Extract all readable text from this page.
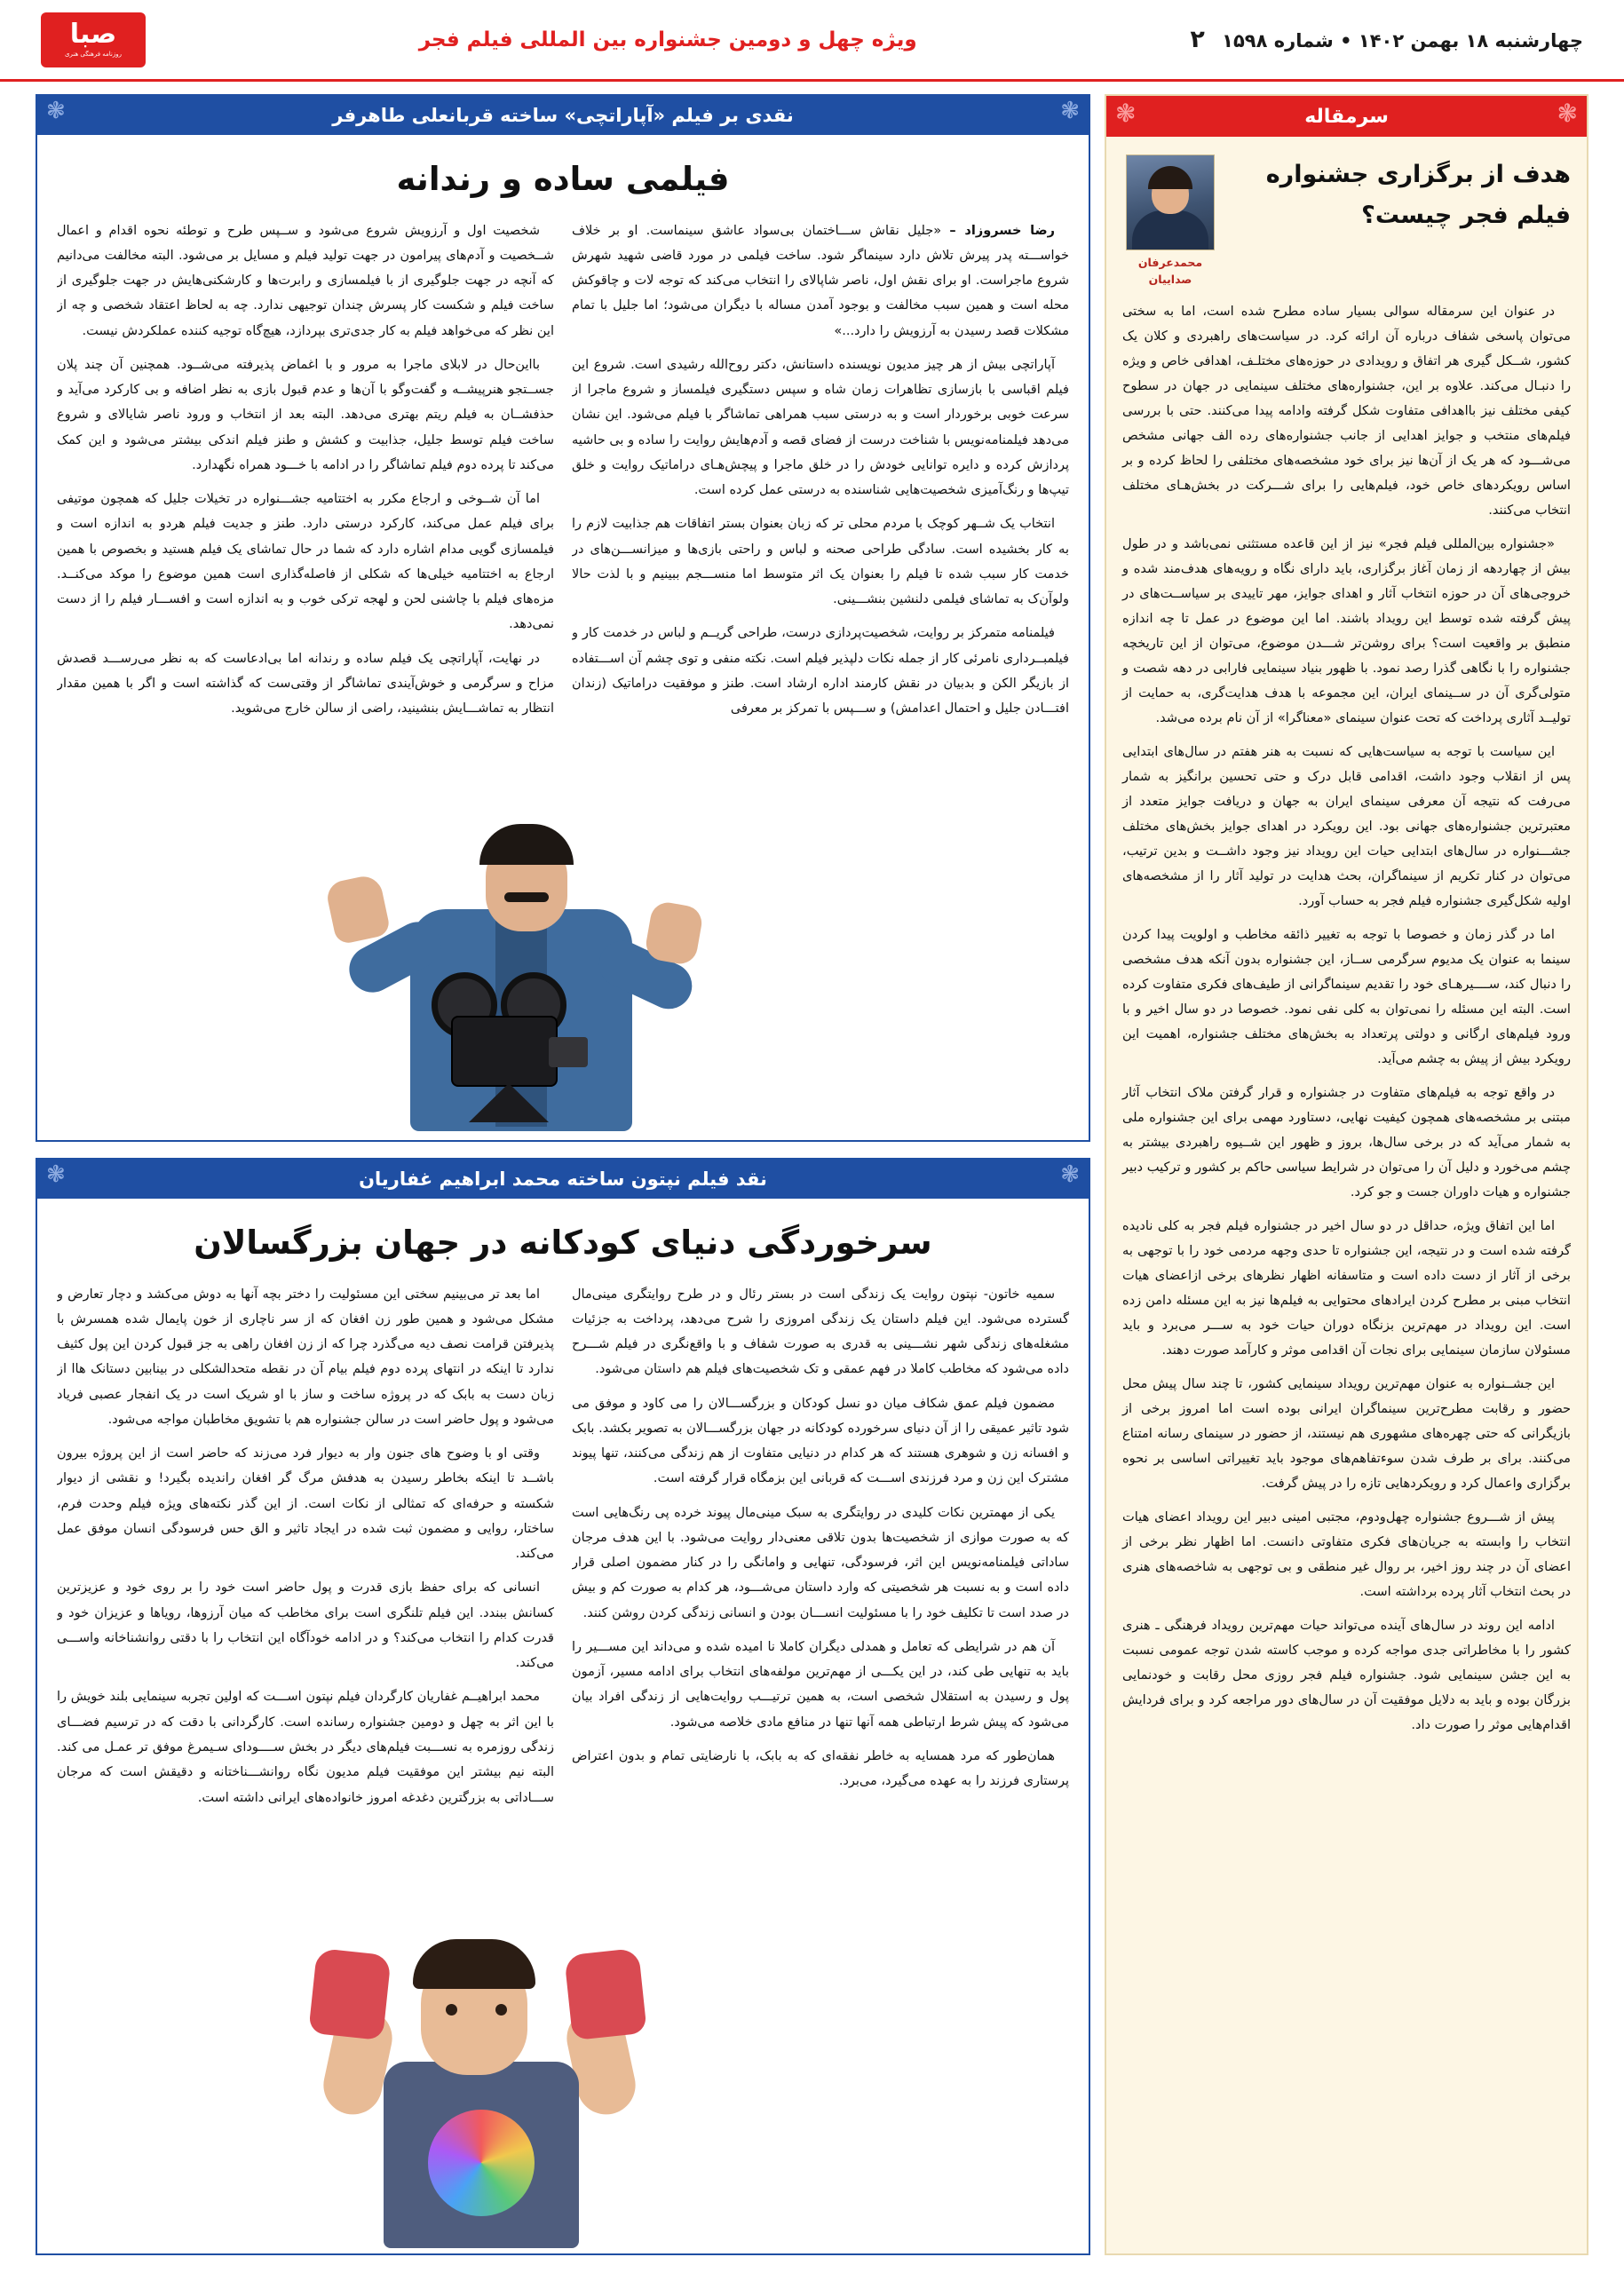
چهارشنبه ۱۸ بهمن ۱۴۰۲ • شماره ۱۵۹۸ ۲
ویژه چهل و دومین جشنواره بین المللی فیلم فجر
صبا
روزنامه فرهنگی هنری
❃
سرمقاله
❃
هدف از برگزاری جشنواره فیلم فجر چیست؟
محمدعرفان صداییان

در عنوان این سرمقاله سوالی بسیار ساده مطرح شده است، اما به سختی می‌توان پاسخی شفاف درباره آن ارائه کرد. در سیاست‌های راهبردی و کلان یک کشور، شــکل گیری هر اتفاق و رویدادی در حوزه‌های مختلـف، اهدافی خاص و ویژه را دنبـال می‌کند. علاوه بر این، جشنواره‌های مختلف سینمایی در جهان در سطوح کیفی مختلف نیز بااهدافی متفاوت شکل گرفته وادامه پیدا می‌کنند. حتی با بررسی فیلم‌های منتخب و جوایز اهدایی از جانب جشنواره‌های رده الف جهانی مشخص می‌شـــود که هر یک از آن‌ها نیز برای خود مشخصه‌های مختلفی را لحاظ کرده و بر اساس رویکردهای خاص خود، فیلم‌هایی را برای شـــرکت در بخش‌هـای مختلف انتخاب می‌کنند.

«جشنواره بین‌المللی فیلم فجر» نیز از این قاعده مستثنی نمی‌باشد و در طول بیش از چهاردهه از زمان آغاز برگزاری، باید دارای نگاه و رویه‌های هدف‌مند شده و خروجی‌های آن در حوزه انتخاب آثار و اهدای جوایز، مهر تاییدی بر سیاســت‌های در پیش گرفته شده توسط این رویداد باشند. اما این موضوع در عمل تا چه اندازه منطبق بر واقعیت است؟ برای روشن‌تر شـــدن موضوع، می‌توان از این تاریخچه جشنواره را با نگاهی گذرا رصد نمود. با ظهور بنیاد سینمایی فارابی در دهه شصت و متولی‌گری آن در ســینمای ایران، این مجموعه با هدف هدایت‌گری، به حمایت از تولیــد آثاری پرداخت که تحت عنوان سینمای «معناگرا» از آن نام برده می‌شد.

این سیاست با توجه به سیاست‌هایی که نسبت به هنر هفتم در سال‌های ابتدایی پس از انقلاب وجود داشت، اقدامی قابل درک و حتی تحسین برانگیز به شمار می‌رفت که نتیجه آن معرفی سینمای ایران به جهان و دریافت جوایز متعدد از معتبرترین جشنواره‌های جهانی بود. این رویکرد در اهدای جوایز بخش‌های مختلف جشـــنواره در سال‌های ابتدایی حیات این رویداد نیز وجود داشــت و بدین ترتیب، می‌توان در کنار تکریم از سینماگران، بحث هدایت در تولید آثار را از مشخصه‌های اولیه شکل‌گیری جشنواره فیلم فجر به حساب آورد.

اما در گذر زمان و خصوصا با توجه به تغییر ذائقه مخاطب و اولویت پیدا کردن سینما به عنوان یک مدیوم سرگرمی ســاز، این جشنواره بدون آنکه هدف مشخصی را دنبال کند، ســــیر‌هـای خود را تقدیم سینماگرانی از طیف‌های فکری متفاوت کرده است. البته این مسئله را نمی‌توان به کلی نفی نمود. خصوصا در دو سال اخیر و با ورود فیلم‌های ارگانی و دولتی پرتعداد به بخش‌های مختلف جشنواره، اهمیت این رویکرد بیش از پیش به چشم می‌آید.

در واقع توجه به فیلم‌های متفاوت در جشنواره و قرار گرفتن ملاک انتخاب آثار مبتنی بر مشخصه‌های همچون کیفیت نهایی، دستاورد مهمی برای این جشنواره ملی به شمار می‌آید که در برخی سال‌ها، بروز و ظهور این شــیوه راهبردی بیشتر به چشم می‌خورد و دلیل آن را می‌توان در شرایط سیاسی حاکم بر کشور و ترکیب دبیر جشنواره و هیات داوران جست و جو کرد.

اما این اتفاق ویژه، حداقل در دو سال اخیر در جشنواره فیلم فجر به کلی نادیده گرفته شده است و در نتیجه، این جشنواره تا حدی وجهه مردمی خود را با توجهی به برخی از آثار از دست داده است و متاسفانه اظهار نظرهای برخی ازاعضای هیات انتخاب مبنی بر مطرح کردن ایرادهای محتوایی به فیلم‌ها نیز به این مسئله دامن زده است. این رویداد در مهم‌ترین بزنگاه دوران حیات خود به ســـر می‌برد و باید مسئولان سازمان سینمایی برای نجات آن اقدامی موثر و کارآمد صورت دهند.

این جشــنواره به عنوان مهم‌ترین رویداد سینمایی کشور، تا چند سال پیش محل حضور و رقابت مطرح‌ترین سینماگران ایرانی بوده است اما امروز برخی از بازیگرانی که حتی چهره‌های مشهوری هم نیستند، از حضور در سینمای رسانه امتناع می‌کنند. برای بر طرف شدن سوءتفاهم‌های موجود باید تغییراتی اساسی بر نحوه برگزاری واعمال کرد و رویکردهایی تازه را در پیش گرفت.

پیش از شـــروع جشنواره چهل‌ودوم، مجتبی امینی دبیر این رویداد اعضای هیات انتخاب را وابسته به جریان‌های فکری متفاوتی دانست. اما اظهار نظر برخی از اعضای آن در چند روز اخیر، بر روال غیر منطقی و بی توجهی به شاخصه‌های هنری در بحث انتخاب آثار پرده برداشته است.

ادامه این روند در سال‌های آینده می‌تواند حیات مهم‌ترین رویداد فرهنگی ـ هنری کشور را با مخاطراتی جدی مواجه کرده و موجب کاسته شدن توجه عمومی نسبت به این جشن سینمایی شود. جشنواره فیلم فجر روزی محل رقابت و خودنمایی بزرگان بوده و باید به دلایل موفقیت آن در سال‌های دور مراجعه کرد و برای فردایش اقدام‌هایی موثر را صورت داد.

❃
نقدی بر فیلم «آپاراتچی» ساخته قربانعلی طاهرفر
❃
فیلمی ساده و رندانه

رضا خسروزاد – «جلیل نقاش ســـاختمان بی‌سواد عاشق سینماست. او بر خلاف خواســـته پدر پیرش تلاش دارد سینماگر شود. ساخت فیلمی در مورد قاضی شهید شهرش شروع ماجراست. او برای نقش اول، ناصر شاپالای را انتخاب می‌کند که توجه لات و چاقوکش محله است و همین سبب مخالفت و بوجود آمدن مساله با دیگران می‌شود؛ اما جلیل با تمام مشکلات قصد رسیدن به آرزویش را دارد...»

آپاراتچی بیش از هر چیز مدیون نویسنده داستانش، دکتر روح‌الله رشیدی است. شروع این فیلم اقباسی با بازسازی تظاهرات زمان شاه و سپس دستگیری فیلمساز و شروع ماجرا از سرعت خوبی برخوردار است و به درستی سبب همراهی تماشاگر با فیلم می‌شود. این نشان می‌دهد فیلمنامه‌نویس با شناخت درست از فضای قصه و آدم‌هایش روایت را ساده و بی حاشیه پردازش کرده و دایره توانایی خودش را در خلق ماجرا و پیچش‌هـای دراماتیک روایت و خلق تیپ‌ها و رنگ‌آمیزی شخصیت‌هایی شناسنده به درستی عمل کرده است.

انتخاب یک شــهر کوچک با مردم محلی تر که زبان بعنوان بستر اتفاقات هم جذابیت لازم را به کار بخشیده است. سادگی طراحی صحنه و لباس و راحتی بازی‌ها و میزانســـن‌های در خدمت کار سبب شده تا فیلم را بعنوان یک اثر متوسط اما منســـجم ببینیم و با لذت حالا ولوآن‌ک به تماشای فیلمی دلنشین بنشـــینی.

فیلمنامه متمرکز بر روایت، شخصیت‌پردازی درست، طراحی گریــم و لباس در خدمت کار و فیلمبــرداری نامرئی کار از جمله نکات دلپذیر فیلم است. نکته منفی و توی چشم آن اســـتفاده از بازیگر الکن و بدبیان در نقش کارمند اداره ارشاد است. طنز و موفقیت دراماتیک (زندان افتـــادن جلیل و احتمال اعدامش) و ســـپس با تمرکز بر معرفی

شخصیت اول و آرزویش شروع می‌شود و ســپس طرح و توطئه نحوه اقدام و اعمال شــخصیت و آدم‌های پیرامون در جهت تولید فیلم و مسایل بر می‌شود. البته مخالفت‌ می‌دانیم که آنچه در جهت جلوگیری از با فیلمسازی و رابرت‌ها و کارشکنی‌هایش در جهت جلوگیری از ساخت فیلم و شکست کار پسرش چندان توجیهی ندارد. چه به لحاظ اعتقاد شخصی و چه از این نظر که می‌خواهد فیلم به کار جدی‌تری بپردازد، هیچ‌گاه توجیه کننده عملکردش نیست.

بااین‌حال در لابلای ماجرا به مرور و با اغماض پذیرفته می‌شــود. همچنین آن چند پلان جســتجو هنرپیشــه و گفت‌وگو با آن‌ها و عدم قبول بازی به نظر اضافه و بی کارکرد می‌آید و حذفشــان به فیلم ریتم بهتری می‌دهد. البته بعد از انتخاب و ورود ناصر شایالای و شروع ساخت فیلم توسط جلیل، جذابیت و کشش و طنز فیلم اندکی بیشتر می‌شود و این کمک می‌کند تا پرده دوم فیلم تماشاگر را در ادامه با خـــود همراه نگهدارد.

اما آن شــوخی و ارجاع مکرر به اختتامیه جشـــنواره در تخیلات جلیل که همچون موتیفی برای فیلم عمل می‌کند، کارکرد درستی دارد. طنز و جدیت فیلم هردو به اندازه است و فیلمسازی گویی مدام اشاره دارد که شما در حال تماشای یک فیلم هستید و بخصوص با همین ارجاع به اختتامیه خیلی‌ها که شکلی از فاصله‌گذاری است همین موضوع را موکد می‌کنــد. مزه‌های فیلم با چاشنی لحن و لهجه ترکی خوب و به اندازه است و افســـار فیلم را از دست نمی‌دهد.

در نهایت، آپاراتچی یک فیلم ساده و رندانه اما بی‌ادعاست که به نظر می‌رســـد قصدش مزاح و سرگرمی و خوش‌آیندی تماشاگر از وقتی‌ست که گذاشته است و اگر با همین مقدار انتظار به تماشـــایش بنشینید، راضی از سالن خارج می‌شوید.

❃
نقد فیلم نپتون ساخته محمد ابراهیم غفاریان
❃
سرخوردگی دنیای کودکانه در جهان بزرگسالان

سمیه خاتون- نپتون روایت یک زندگی است در بستر رئال و در طرح روایتگری مینی‌مال گسترده می‌شود. این فیلم داستان یک زندگی امروزی را شرح می‌دهد، پرداخت به جزئیات مشغله‌های زندگی شهر نشـــینی به قدری به صورت شفاف و با واقع‌نگری در فیلم شـــرح داده می‌شود که مخاطب کاملا در فهم عمقی و تک شخصیت‌های فیلم هم داستان می‌شود.

مضمون فیلم عمق شکاف میان دو نسل کودکان و بزرگســـالان را می کاود و موفق می شود تاثیر عمیقی را از آن دنیای سرخورده کودکانه در جهان بزرگســـالان به تصویر بکشد. بابک و افسانه زن و شوهری هستند که هر کدام در دنیایی متفاوت از هم زندگی می‌کنند، تنها پیوند مشترک این زن و مرد فرزندی اســـت که قربانی این بزمگاه قرار گرفته است.

یکی از مهمترین نکات کلیدی در روایتگری به سبک مینی‌مال پیوند خرده پی رنگ‌هایی است که به صورت موازی از شخصیت‌ها بدون تلاقی معنی‌دار روایت می‌شود. با این هدف مرجان ساداتی فیلمنامه‌نویس این اثر، فرسودگی، تنهایی و وامانگی را در کنار مضمون اصلی قرار داده است و به نسبت هر شخصیتی که وارد داستان می‌شـــود، هر کدام به صورت کم و بیش در صدد است تا تکلیف خود را با مسئولیت انســـان بودن و انسانی زندگی کردن روشن کنند.

آن هم در شرایطی که تعامل و همدلی دیگران کاملا نا امیده شده و می‌داند این مســـیر را باید به تنهایی طی کند، در این یکـــی از مهم‌ترین مولفه‌های انتخاب برای ادامه مسیر، آزمون پول و رسیدن به استقلال شخصی است، به همین ترتیـــب روایت‌هایی از زندگی افراد بیان می‌شود که پیش شرط ارتباطی همه آنها تنها در منافع مادی خلاصه می‌شود.

همان‌طور که مرد همسایه به خاطر نفقه‌ای که به بابک، با نارضایتی تمام و بدون اعتراض پرستاری فرزند را به عهده می‌گیرد، می‌برد.

اما بعد تر می‌بینیم سختی این مسئولیت را دختر بچه آنها به دوش می‌کشد و دچار تعارض و مشکل می‌شود و همین طور زن افغان که از سر ناچاری از خون پایمال شده همسرش با پذیرفتن قرامت نصف دیه می‌گذرد چرا که از زن افغان راهی به جز قبول کردن این پول کثیف ندارد تا اینکه در انتهای پرده دوم فیلم بیام آن در نقطه متحدالشکلی در بینابین دستانک هاا از زبان دست به بابک که در پروژه ساخت و ساز با او شریک است در یک انفجار عصبی فریاد می‌شود و پول حاضر است در سالن جشنواره هم با تشویق مخاطبان مواجه می‌شود.

وقتی او با وضوح های جنون وار به دیوار فرد می‌زند که حاضر است از این پروژه بیرون باشــد تا اینکه بخاطر رسیدن به هدفش مرگ گر افغان راندیده بگیرد! و نقشی از دیوار شکسته و حرفه‌ای که تمثالی از نکات است. از این گذر نکته‌های ویژه فیلم وحدت فرم، ساختار، روایی و مضمون ثبت شده در ایجاد تاثیر و الق حس فرسودگی انسان موفق عمل می‌کند.

انسانی که برای حفظ بازی قدرت و پول حاضر است خود را بر روی خود و عزیزترین کسانش ببندد. این فیلم تلنگری است برای مخاطب که میان آرزوها، رویاها و عزیزان خود و قدرت کدام را انتخاب می‌کند؟ و در ادامه خودآگاه این انتخاب را با دقتی روانشناخانه واســـی می‌کند.

محمد ابراهیــم غفاریان کارگردان فیلم نپتون اســـت که اولین تجربه سینمایی بلند خویش را با این اثر به چهل و دومین جشنواره رسانده است. کارگردانی با دقت که در ترسیم فضـــای زندگی روزمره به نســـبت فیلم‌های دیگر در بخش ســــودای سـیمرغ موفق تر عمـل می کند. البته نیم بیشتر این موفقیت فیلم مدیون نگاه روانشـــناختانه و دقیقش است که مرجان ســـاداتی به بزرگترین دغدغه امروز خانواده‌های ایرانی داشته است.
